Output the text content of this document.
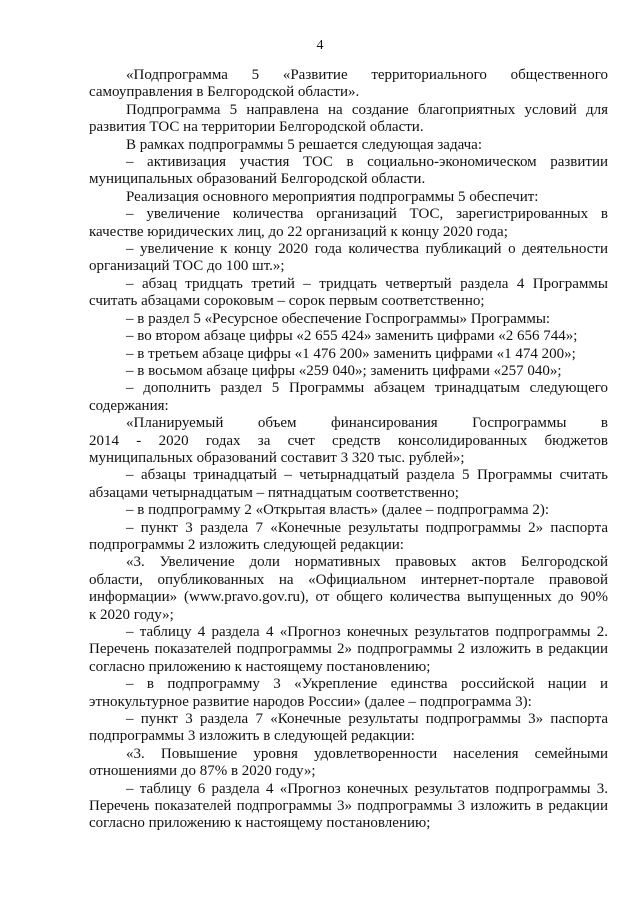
4

«Подпрограмма 5 «Развитие территориального общественного

самоуправления в Белгородской области».

Подпрограмма 5 направлена на создание благоприятных условий для

развития ТОС на территории Белгородской области.

В рамках подпрограммы 5 решается следующая задача:

– активизация участия ТОС в социально-экономическом развитии

муниципальных образований Белгородской области.

Реализация основного мероприятия подпрограммы 5 обеспечит:

– увеличение количества организаций ТОС, зарегистрированных в

качестве юридических лиц, до 22 организаций к концу 2020 года;

– увеличение к концу 2020 года количества публикаций о деятельности

организаций ТОС до 100 шт.»;

– абзац тридцать третий – тридцать четвертый раздела 4 Программы

считать абзацами сороковым – сорок первым соответственно;

– в раздел 5 «Ресурсное обеспечение Госпрограммы» Программы:

– во втором абзаце цифры «2 655 424» заменить цифрами «2 656 744»;

– в третьем абзаце цифры «1 476 200» заменить цифрами «1 474 200»;

– в восьмом абзаце цифры «259 040»; заменить цифрами «257 040»;

– дополнить раздел 5 Программы абзацем тринадцатым следующего

содержания:

«Планируемый объем финансирования Госпрограммы в

2014 - 2020 годах за счет средств консолидированных бюджетов

муниципальных образований составит 3 320 тыс. рублей»;

– абзацы тринадцатый – четырнадцатый раздела 5 Программы считать

абзацами четырнадцатым – пятнадцатым соответственно;

– в подпрограмму 2 «Открытая власть» (далее – подпрограмма 2):

– пункт 3 раздела 7 «Конечные результаты подпрограммы 2» паспорта

подпрограммы 2 изложить следующей редакции:

«3. Увеличение доли нормативных правовых актов Белгородской

области, опубликованных на «Официальном интернет-портале правовой

информации» (www.pravo.gov.ru), от общего количества выпущенных до 90%

к 2020 году»;

– таблицу 4 раздела 4 «Прогноз конечных результатов подпрограммы 2.

Перечень показателей подпрограммы 2» подпрограммы 2 изложить в редакции

согласно приложению к настоящему постановлению;

– в подпрограмму 3 «Укрепление единства российской нации и

этнокультурное развитие народов России» (далее – подпрограмма 3):

– пункт 3 раздела 7 «Конечные результаты подпрограммы 3» паспорта

подпрограммы 3 изложить в следующей редакции:

«3. Повышение уровня удовлетворенности населения семейными

отношениями до 87% в 2020 году»;

– таблицу 6 раздела 4 «Прогноз конечных результатов подпрограммы 3.

Перечень показателей подпрограммы 3» подпрограммы 3 изложить в редакции

согласно приложению к настоящему постановлению;
